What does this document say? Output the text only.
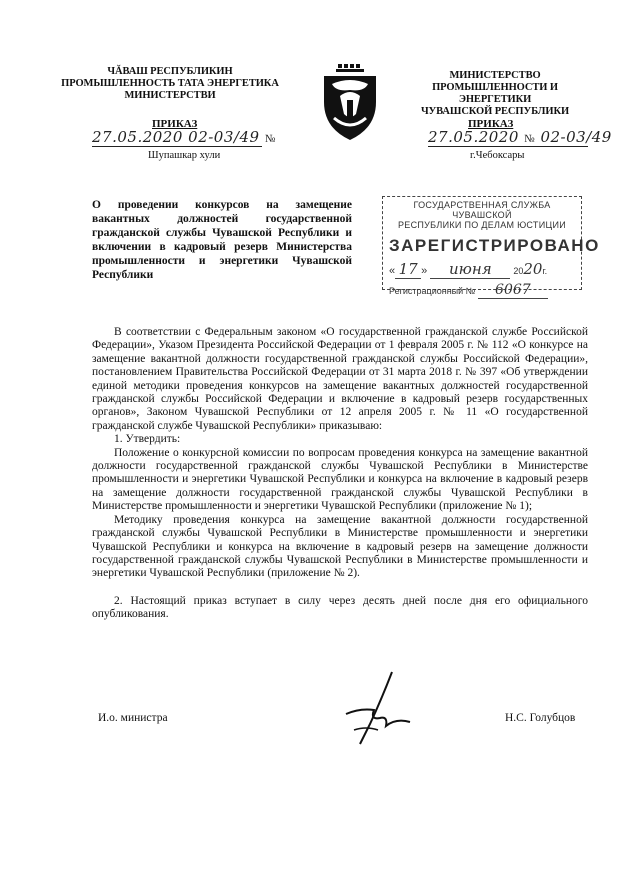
ЧĂВАШ РЕСПУБЛИКИН
ПРОМЫШЛЕННОСТЬ ТАТА ЭНЕРГЕТИКА
МИНИСТЕРСТВИ
ПРИКАЗ
27.05.2020 02-03/49 №
Шупашкар хули
МИНИСТЕРСТВО
ПРОМЫШЛЕННОСТИ И ЭНЕРГЕТИКИ
ЧУВАШСКОЙ РЕСПУБЛИКИ
ПРИКАЗ
27.05.2020 № 02-03/49
г.Чебоксары
О проведении конкурсов на замещение вакантных должностей государственной гражданской службы Чувашской Республики и включении в кадровый резерв Министерства промышленности и энергетики Чувашской Республики
ГОСУДАРСТВЕННАЯ СЛУЖБА ЧУВАШСКОЙ
РЕСПУБЛИКИ ПО ДЕЛАМ ЮСТИЦИИ
ЗАРЕГИСТРИРОВАНО
« 17 » июня 2020г.
Регистрационный № 6067

В соответствии с Федеральным законом «О государственной гражданской службе Российской Федерации», Указом Президента Российской Федерации от 1 февраля 2005 г. № 112 «О конкурсе на замещение вакантной должности государственной гражданской службы Российской Федерации», постановлением Правительства Российской Федерации от 31 марта 2018 г. № 397 «Об утверждении единой методики проведения конкурсов на замещение вакантных должностей государственной гражданской службы Российской Федерации и включение в кадровый резерв государственных органов», Законом Чувашской Республики от 12 апреля 2005 г. № 11 «О государственной гражданской службе Чувашской Республики» приказываю:

1. Утвердить:

Положение о конкурсной комиссии по вопросам проведения конкурса на замещение вакантной должности государственной гражданской службы Чувашской Республики в Министерстве промышленности и энергетики Чувашской Республики и конкурса на включение в кадровый резерв на замещение должности государственной гражданской службы Чувашской Республики в Министерстве промышленности и энергетики Чувашской Республики (приложение № 1);

Методику проведения конкурса на замещение вакантной должности государственной гражданской службы Чувашской Республики в Министерстве промышленности и энергетики Чувашской Республики и конкурса на включение в кадровый резерв на замещение должности государственной гражданской службы Чувашской Республики в Министерстве промышленности и энергетики Чувашской Республики (приложение № 2).

2. Настоящий приказ вступает в силу через десять дней после дня его официального опубликования.

И.о. министра	Н.С. Голубцов
